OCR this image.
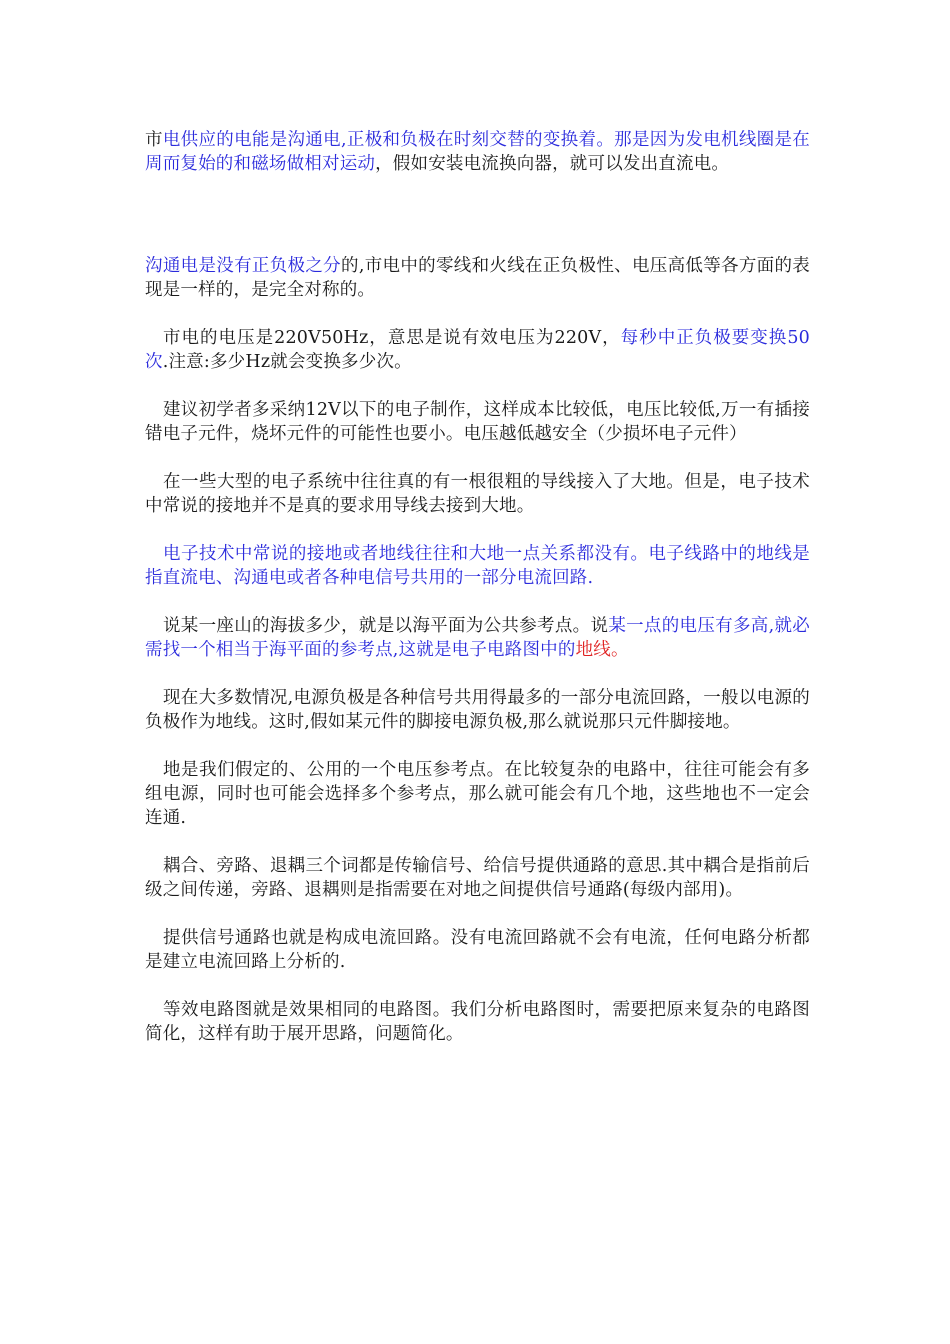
市电供应的电能是沟通电,正极和负极在时刻交替的变换着。那是因为发电机线圈是在周而复始的和磁场做相对运动，假如安装电流换向器，就可以发出直流电。

沟通电是没有正负极之分的,市电中的零线和火线在正负极性、电压高低等各方面的表现是一样的，是完全对称的。

市电的电压是220V50Hz，意思是说有效电压为220V，每秒中正负极要变换50次.注意:多少Hz就会变换多少次。

建议初学者多采纳12V以下的电子制作，这样成本比较低，电压比较低,万一有插接错电子元件，烧坏元件的可能性也要小。电压越低越安全（少损坏电子元件）

在一些大型的电子系统中往往真的有一根很粗的导线接入了大地。但是，电子技术中常说的接地并不是真的要求用导线去接到大地。

电子技术中常说的接地或者地线往往和大地一点关系都没有。电子线路中的地线是指直流电、沟通电或者各种电信号共用的一部分电流回路.

说某一座山的海拔多少，就是以海平面为公共参考点。说某一点的电压有多高,就必需找一个相当于海平面的参考点,这就是电子电路图中的地线。

现在大多数情况,电源负极是各种信号共用得最多的一部分电流回路，一般以电源的负极作为地线。这时,假如某元件的脚接电源负极,那么就说那只元件脚接地。

地是我们假定的、公用的一个电压参考点。在比较复杂的电路中，往往可能会有多组电源，同时也可能会选择多个参考点，那么就可能会有几个地，这些地也不一定会连通.

耦合、旁路、退耦三个词都是传输信号、给信号提供通路的意思.其中耦合是指前后级之间传递，旁路、退耦则是指需要在对地之间提供信号通路(每级内部用)。

提供信号通路也就是构成电流回路。没有电流回路就不会有电流，任何电路分析都是建立电流回路上分析的.

等效电路图就是效果相同的电路图。我们分析电路图时，需要把原来复杂的电路图简化，这样有助于展开思路，问题简化。
